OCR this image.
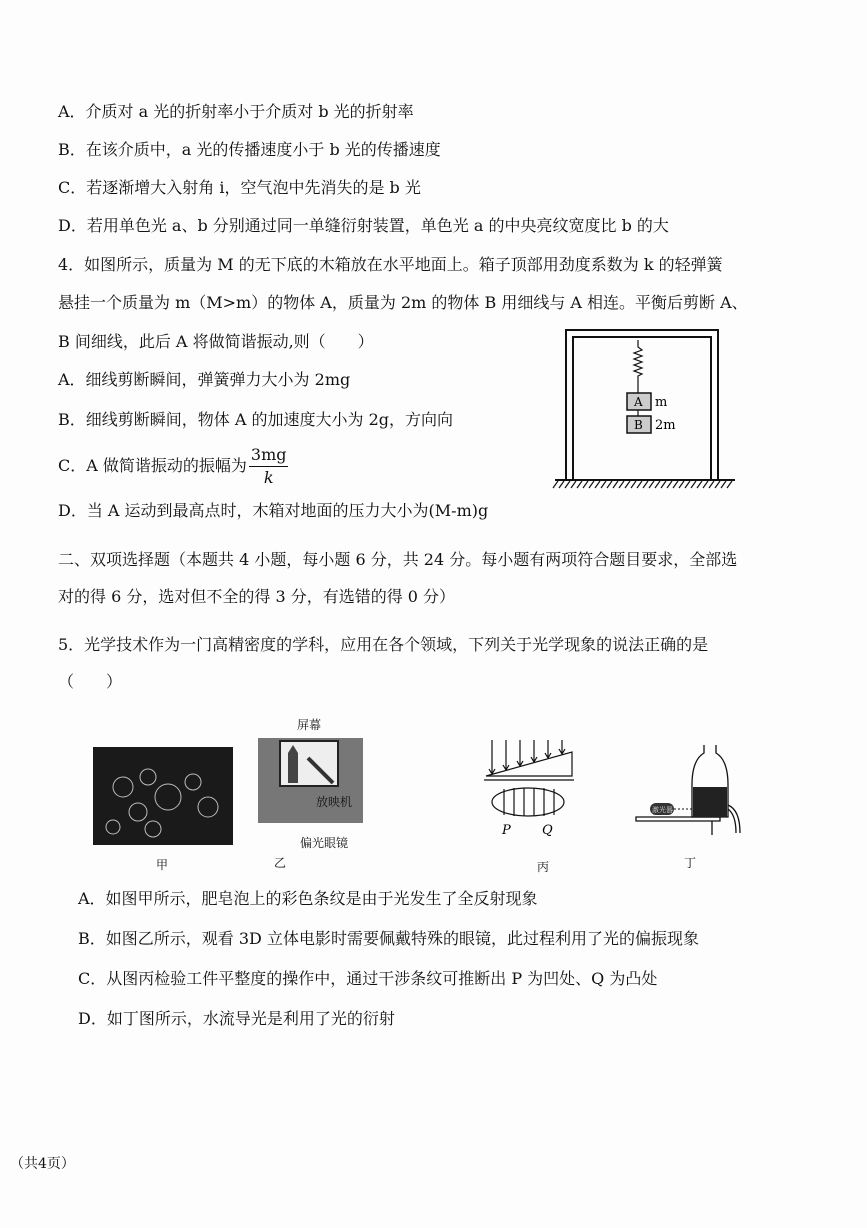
A．介质对 a 光的折射率小于介质对 b 光的折射率
B．在该介质中，a 光的传播速度小于 b 光的传播速度
C．若逐渐增大入射角 i，空气泡中先消失的是 b 光
D．若用单色光 a、b 分别通过同一单缝衍射装置，单色光 a 的中央亮纹宽度比 b 的大
4．如图所示，质量为 M 的无下底的木箱放在水平地面上。箱子顶部用劲度系数为 k 的轻弹簧
悬挂一个质量为 m（M>m）的物体 A，质量为 2m 的物体 B 用细线与 A 相连。平衡后剪断 A、
B 间细线，此后 A 将做简谐振动,则（　　）
A．细线剪断瞬间，弹簧弹力大小为 2mg
B．细线剪断瞬间，物体 A 的加速度大小为 2g，方向向
C．A 做简谐振动的振幅为 $\frac{3mg}{k}$
D．当 A 运动到最高点时，木箱对地面的压力大小为(M-m)g
A
B
m
2m
二、双项选择题（本题共 4 小题，每小题 6 分，共 24 分。每小题有两项符合题目要求，全部选
对的得 6 分，选对但不全的得 3 分，有选错的得 0 分）
5．光学技术作为一门高精密度的学科，应用在各个领域，下列关于光学现象的说法正确的是
（　　）
甲
屏幕
放映机
偏光眼镜
乙
P Q
丙
激光器
丁
A．如图甲所示，肥皂泡上的彩色条纹是由于光发生了全反射现象
B．如图乙所示，观看 3D 立体电影时需要佩戴特殊的眼镜，此过程利用了光的偏振现象
C．从图丙检验工件平整度的操作中，通过干涉条纹可推断出 P 为凹处、Q 为凸处
D．如丁图所示，水流导光是利用了光的衍射
（共4页）
